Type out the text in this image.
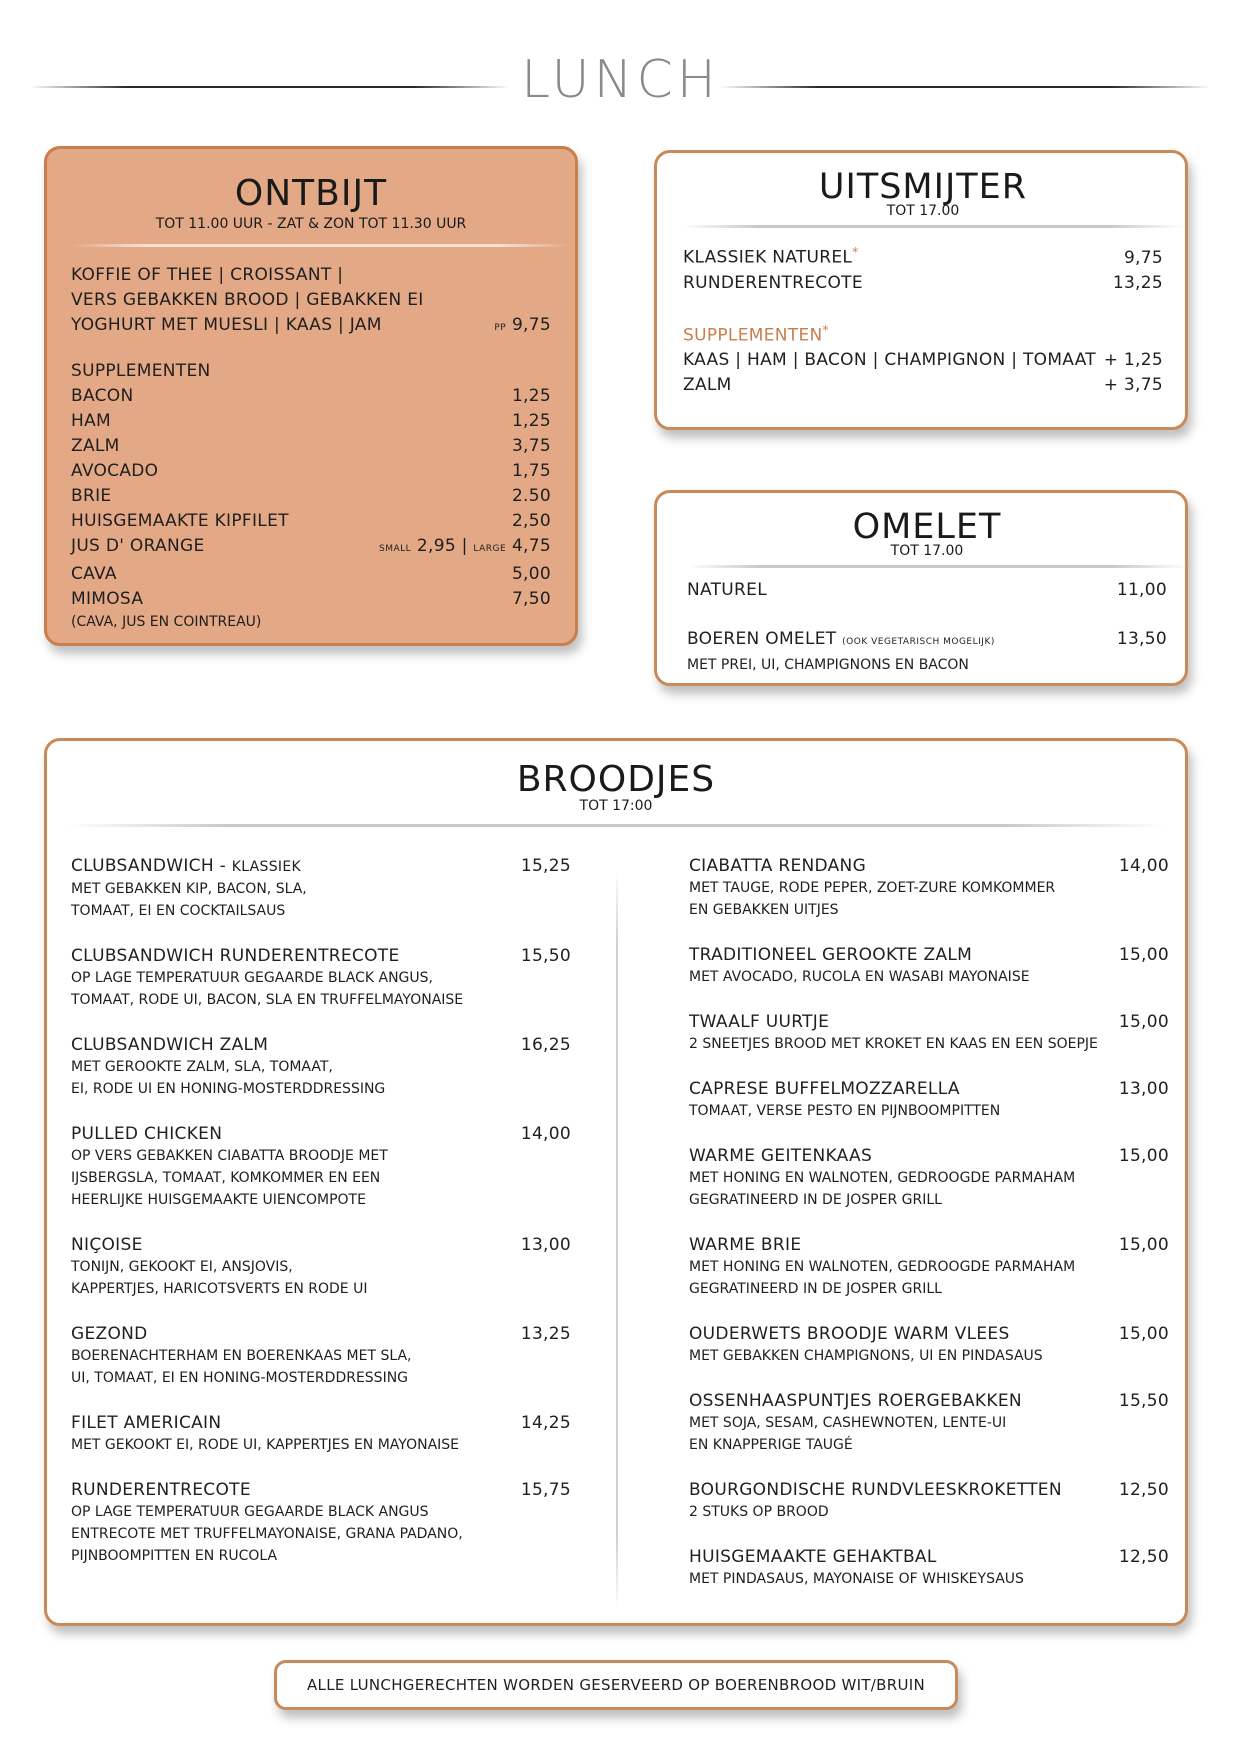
LUNCH
ONTBIJT
TOT 11.00 UUR - ZAT & ZON TOT 11.30 UUR
KOFFIE OF THEE | CROISSANT |
VERS GEBAKKEN BROOD | GEBAKKEN EI
YOGHURT MET MUESLI | KAAS | JAM	PP 9,75
SUPPLEMENTEN
BACON	1,25
HAM	1,25
ZALM	3,75
AVOCADO	1,75
BRIE	2.50
HUISGEMAAKTE KIPFILET	2,50
JUS D' ORANGE	SMALL 2,95 | LARGE 4,75
CAVA	5,00
MIMOSA	7,50
(CAVA, JUS EN COINTREAU)
UITSMIJTER
TOT 17.00
KLASSIEK NATUREL*	9,75
RUNDERENTRECOTE	13,25
SUPPLEMENTEN*
KAAS | HAM | BACON | CHAMPIGNON | TOMAAT + 1,25
ZALM	+ 3,75
OMELET
TOT 17.00
NATUREL	11,00
BOEREN OMELET (OOK VEGETARISCH MOGELIJK)	13,50
MET PREI, UI, CHAMPIGNONS EN BACON
BROODJES
TOT 17:00
CLUBSANDWICH - KLASSIEK	15,25
MET GEBAKKEN KIP, BACON, SLA,
TOMAAT, EI EN COCKTAILSAUS
CLUBSANDWICH RUNDERENTRECOTE	15,50
OP LAGE TEMPERATUUR GEGAARDE BLACK ANGUS,
TOMAAT, RODE UI, BACON, SLA EN TRUFFELMAYONAISE
CLUBSANDWICH ZALM	16,25
MET GEROOKTE ZALM, SLA, TOMAAT,
EI, RODE UI EN HONING-MOSTERDDRESSING
PULLED CHICKEN	14,00
OP VERS GEBAKKEN CIABATTA BROODJE MET
IJSBERGSLA, TOMAAT, KOMKOMMER EN EEN
HEERLIJKE HUISGEMAAKTE UIENCOMPOTE
NIÇOISE	13,00
TONIJN, GEKOOKT EI, ANSJOVIS,
KAPPERTJES, HARICOTSVERTS EN RODE UI
GEZOND	13,25
BOERENACHTERHAM EN BOERENKAAS MET SLA,
UI, TOMAAT, EI EN HONING-MOSTERDDRESSING
FILET AMERICAIN	14,25
MET GEKOOKT EI, RODE UI, KAPPERTJES EN MAYONAISE
RUNDERENTRECOTE	15,75
OP LAGE TEMPERATUUR GEGAARDE BLACK ANGUS
ENTRECOTE MET TRUFFELMAYONAISE, GRANA PADANO,
PIJNBOOMPITTEN EN RUCOLA
CIABATTA RENDANG	14,00
MET TAUGE, RODE PEPER, ZOET-ZURE KOMKOMMER
EN GEBAKKEN UITJES
TRADITIONEEL GEROOKTE ZALM	15,00
MET AVOCADO, RUCOLA EN WASABI MAYONAISE
TWAALF UURTJE	15,00
2 SNEETJES BROOD MET KROKET EN KAAS EN EEN SOEPJE
CAPRESE BUFFELMOZZARELLA	13,00
TOMAAT, VERSE PESTO EN PIJNBOOMPITTEN
WARME GEITENKAAS	15,00
MET HONING EN WALNOTEN, GEDROOGDE PARMAHAM
GEGRATINEERD IN DE JOSPER GRILL
WARME BRIE	15,00
MET HONING EN WALNOTEN, GEDROOGDE PARMAHAM
GEGRATINEERD IN DE JOSPER GRILL
OUDERWETS BROODJE WARM VLEES	15,00
MET GEBAKKEN CHAMPIGNONS, UI EN PINDASAUS
OSSENHAASPUNTJES ROERGEBAKKEN	15,50
MET SOJA, SESAM, CASHEWNOTEN, LENTE-UI
EN KNAPPERIGE TAUGÉ
BOURGONDISCHE RUNDVLEESKROKETTEN	12,50
2 STUKS OP BROOD
HUISGEMAAKTE GEHAKTBAL	12,50
MET PINDASAUS, MAYONAISE OF WHISKEYSAUS
ALLE LUNCHGERECHTEN WORDEN GESERVEERD OP BOERENBROOD WIT/BRUIN
